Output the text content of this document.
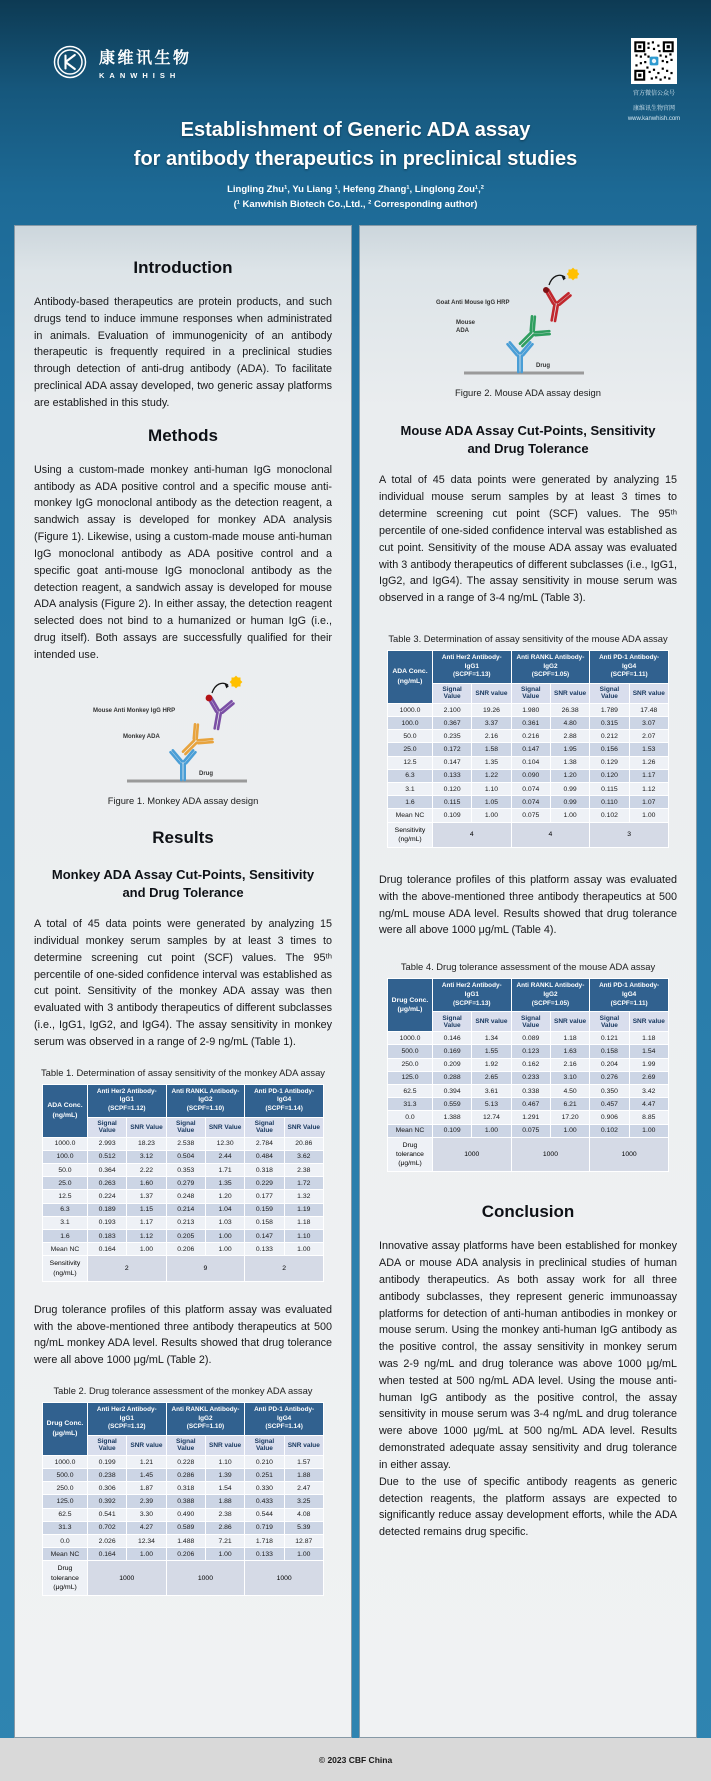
康维讯生物
KANWHISH
官方微信公众号
康维讯生物官网
www.kanwhish.com
Establishment of Generic ADA assay
for antibody therapeutics in preclinical studies
Lingling Zhu¹, Yu Liang ¹, Hefeng Zhang¹, Linglong Zou¹,²
(¹ Kanwhish Biotech Co.,Ltd., ² Corresponding author)
Introduction

Antibody-based therapeutics are protein products, and such drugs tend to induce immune responses when administrated in animals. Evaluation of immunogenicity of an antibody therapeutic is frequently required in a preclinical studies through detection of anti-drug antibody (ADA). To facilitate preclinical ADA assay developed, two generic assay platforms are established in this study.

Methods

Using a custom-made monkey anti-human IgG monoclonal antibody as ADA positive control and a specific mouse anti-monkey IgG monoclonal antibody as the detection reagent, a sandwich assay is developed for monkey ADA analysis (Figure 1). Likewise, using a custom-made mouse anti-human IgG monoclonal antibody as ADA positive control and a specific goat anti-mouse IgG monoclonal antibody as the detection reagent, a sandwich assay is developed for mouse ADA analysis (Figure 2). In either assay, the detection reagent selected does not bind to a humanized or human IgG (i.e., drug itself). Both assays are successfully qualified for their intended use.

Mouse Anti Monkey IgG HRP
Monkey ADA
Drug
Figure 1. Monkey ADA assay design
Results
Monkey ADA Assay Cut-Points, Sensitivity
and Drug Tolerance

A total of 45 data points were generated by analyzing 15 individual monkey serum samples by at least 3 times to determine screening cut point (SCF) values. The 95ᵗʰ percentile of one-sided confidence interval was established as cut point. Sensitivity of the monkey ADA assay was then evaluated with 3 antibody therapeutics of different subclasses (i.e., IgG1, IgG2, and IgG4). The assay sensitivity in monkey serum was observed in a range of 2-9 ng/mL (Table 1).

Table 1. Determination of assay sensitivity of the monkey ADA assay
ADA Conc.
(ng/mL)	Anti Her2 Antibody-IgG1
(SCPF=1.12)		Anti RANKL Antibody-IgG2
(SCPF=1.10)		Anti PD-1 Antibody-IgG4
(SCPF=1.14)	

	Signal Value	SNR Value	Signal Value	SNR Value	Signal Value	SNR Value
1000.0	2.993	18.23	2.538	12.30	2.784	20.86
100.0	0.512	3.12	0.504	2.44	0.484	3.62
50.0	0.364	2.22	0.353	1.71	0.318	2.38
25.0	0.263	1.60	0.279	1.35	0.229	1.72
12.5	0.224	1.37	0.248	1.20	0.177	1.32
6.3	0.189	1.15	0.214	1.04	0.159	1.19
3.1	0.193	1.17	0.213	1.03	0.158	1.18
1.6	0.183	1.12	0.205	1.00	0.147	1.10
Mean NC	0.164	1.00	0.206	1.00	0.133	1.00
Sensitivity
(ng/mL)	2		9		2	

Drug tolerance profiles of this platform assay was evaluated with the above-mentioned three antibody therapeutics at 500 ng/mL monkey ADA level. Results showed that drug tolerance were all above 1000 μg/mL (Table 2).

Table 2. Drug tolerance assessment of the monkey ADA assay
Drug Conc.
(μg/mL)	Anti Her2 Antibody-IgG1
(SCPF=1.12)		Anti RANKL Antibody-IgG2
(SCPF=1.10)		Anti PD-1 Antibody-IgG4
(SCPF=1.14)	

	Signal Value	SNR value	Signal Value	SNR value	Signal Value	SNR value
1000.0	0.199	1.21	0.228	1.10	0.210	1.57
500.0	0.238	1.45	0.286	1.39	0.251	1.88
250.0	0.306	1.87	0.318	1.54	0.330	2.47
125.0	0.392	2.39	0.388	1.88	0.433	3.25
62.5	0.541	3.30	0.490	2.38	0.544	4.08
31.3	0.702	4.27	0.589	2.86	0.719	5.39
0.0	2.026	12.34	1.488	7.21	1.718	12.87
Mean NC	0.164	1.00	0.206	1.00	0.133	1.00
Drug tolerance
(μg/mL)	1000		1000		1000	
Goat Anti Mouse IgG HRP
Mouse
ADA
Drug
Figure 2. Mouse ADA assay design
Mouse ADA Assay Cut-Points, Sensitivity
and Drug Tolerance

A total of 45 data points were generated by analyzing 15 individual mouse serum samples by at least 3 times to determine screening cut point (SCF) values. The 95ᵗʰ percentile of one-sided confidence interval was established as cut point. Sensitivity of the mouse ADA assay was evaluated with 3 antibody therapeutics of different subclasses (i.e., IgG1, IgG2, and IgG4). The assay sensitivity in mouse serum was observed in a range of 3-4 ng/mL (Table 3).

Table 3. Determination of assay sensitivity of the mouse ADA assay
ADA Conc.
(ng/mL)	Anti Her2 Antibody-IgG1
(SCPF=1.13)		Anti RANKL Antibody-IgG2
(SCPF=1.05)		Anti PD-1 Antibody-IgG4
(SCPF=1.11)	

	Signal Value	SNR value	Signal Value	SNR value	Signal Value	SNR value
1000.0	2.100	19.26	1.980	26.38	1.789	17.48
100.0	0.367	3.37	0.361	4.80	0.315	3.07
50.0	0.235	2.16	0.216	2.88	0.212	2.07
25.0	0.172	1.58	0.147	1.95	0.156	1.53
12.5	0.147	1.35	0.104	1.38	0.129	1.26
6.3	0.133	1.22	0.090	1.20	0.120	1.17
3.1	0.120	1.10	0.074	0.99	0.115	1.12
1.6	0.115	1.05	0.074	0.99	0.110	1.07
Mean NC	0.109	1.00	0.075	1.00	0.102	1.00
Sensitivity
(ng/mL)	4		4		3	

Drug tolerance profiles of this platform assay was evaluated with the above-mentioned three antibody therapeutics at 500 ng/mL mouse ADA level. Results showed that drug tolerance were all above 1000 μg/mL (Table 4).

Table 4. Drug tolerance assessment of the mouse ADA assay
Drug Conc.
(μg/mL)	Anti Her2 Antibody-IgG1
(SCPF=1.13)		Anti RANKL Antibody-IgG2
(SCPF=1.05)		Anti PD-1 Antibody-IgG4
(SCPF=1.11)	

	Signal Value	SNR value	Signal Value	SNR value	Signal Value	SNR value
1000.0	0.146	1.34	0.089	1.18	0.121	1.18
500.0	0.169	1.55	0.123	1.63	0.158	1.54
250.0	0.209	1.92	0.162	2.16	0.204	1.99
125.0	0.288	2.65	0.233	3.10	0.276	2.69
62.5	0.394	3.61	0.338	4.50	0.350	3.42
31.3	0.559	5.13	0.467	6.21	0.457	4.47
0.0	1.388	12.74	1.291	17.20	0.906	8.85
Mean NC	0.109	1.00	0.075	1.00	0.102	1.00
Drug tolerance
(μg/mL)	1000		1000		1000	
Conclusion

Innovative assay platforms have been established for monkey ADA or mouse ADA analysis in preclinical studies of human antibody therapeutics. As both assay work for all three antibody subclasses, they represent generic immunoassay platforms for detection of anti-human antibodies in monkey or mouse serum. Using the monkey anti-human IgG antibody as the positive control, the assay sensitivity in monkey serum was 2-9 ng/mL and drug tolerance was above 1000 μg/mL when tested at 500 ng/mL ADA level. Using the mouse anti-human IgG antibody as the positive control, the assay sensitivity in mouse serum was 3-4 ng/mL and drug tolerance were above 1000 μg/mL at 500 ng/mL ADA level. Results demonstrated adequate assay sensitivity and drug tolerance in either assay.

Due to the use of specific antibody reagents as generic detection reagents, the platform assays are expected to significantly reduce assay development efforts, while the ADA detected remains drug specific.

© 2023 CBF China
